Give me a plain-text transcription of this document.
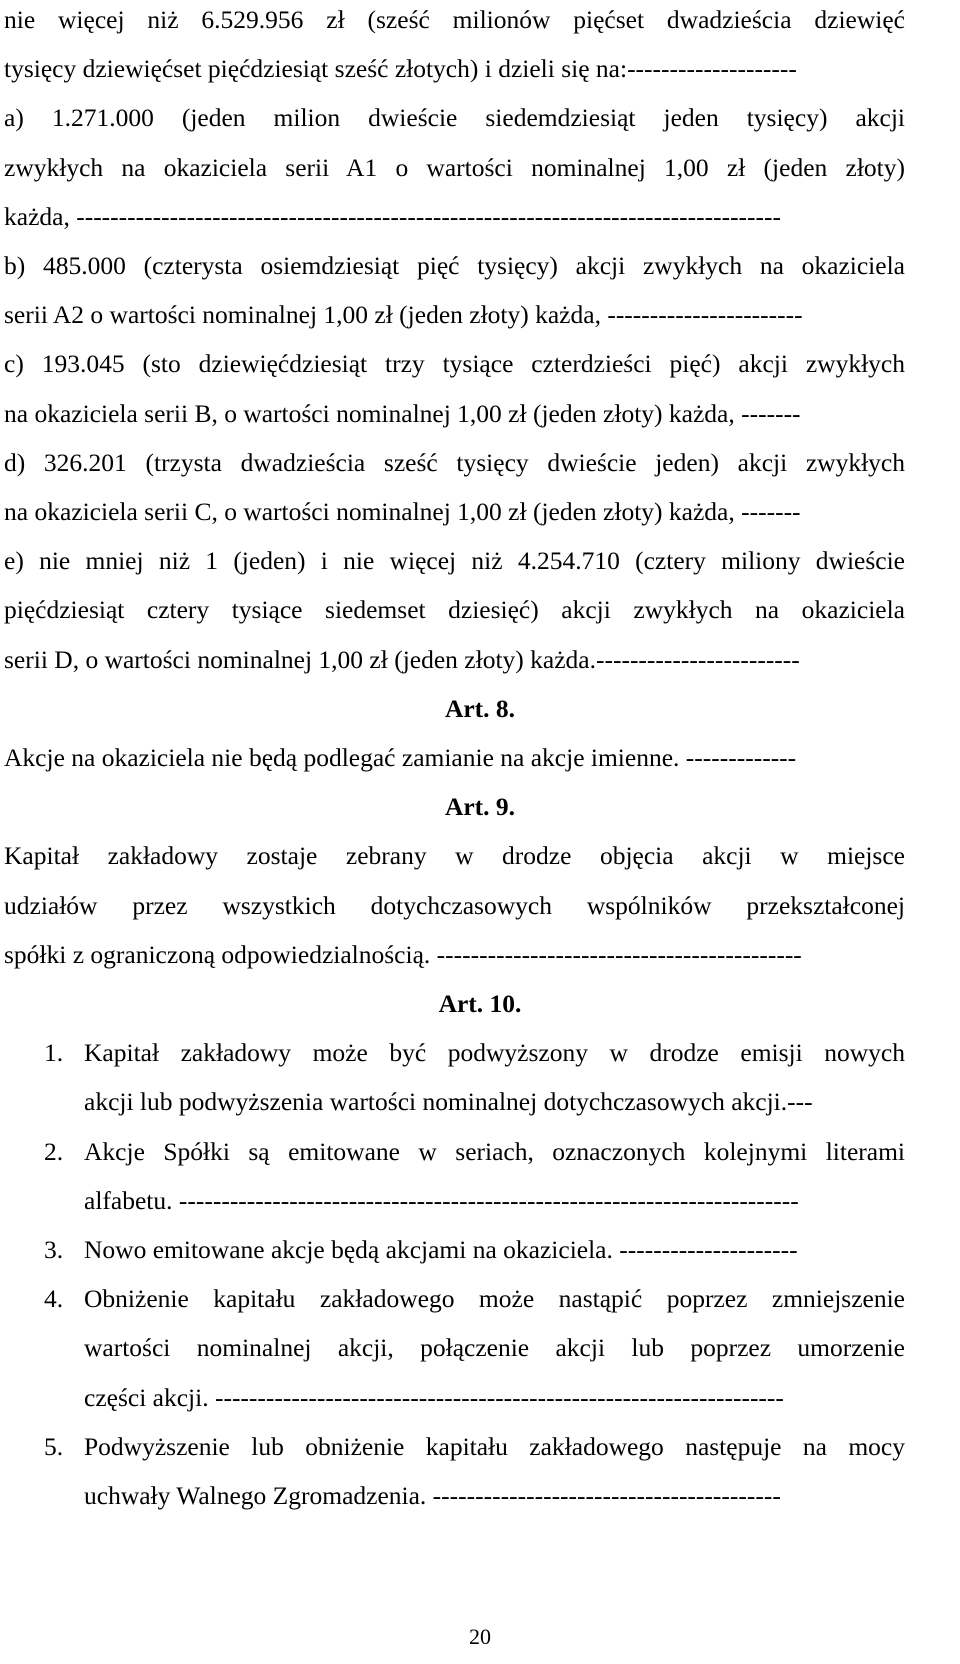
nie więcej niż 6.529.956 zł (sześć milionów pięćset dwadzieścia dziewięć
tysięcy dziewięćset pięćdziesiąt sześć złotych) i dzieli się na:--------------------
a) 1.271.000 (jeden milion dwieście siedemdziesiąt jeden tysięcy) akcji
zwykłych na okaziciela serii A1 o wartości nominalnej 1,00 zł (jeden złoty)
każda, -----------------------------------------------------------------------------------
b) 485.000 (czterysta osiemdziesiąt pięć tysięcy) akcji zwykłych na okaziciela
serii A2 o wartości nominalnej 1,00 zł (jeden złoty) każda, -----------------------
c) 193.045 (sto dziewięćdziesiąt trzy tysiące czterdzieści pięć) akcji zwykłych
na okaziciela serii B, o wartości nominalnej 1,00 zł (jeden złoty) każda, -------
d) 326.201 (trzysta dwadzieścia sześć tysięcy dwieście jeden) akcji zwykłych
na okaziciela serii C, o wartości nominalnej 1,00 zł (jeden złoty) każda, -------
e) nie mniej niż 1 (jeden) i nie więcej niż 4.254.710 (cztery miliony dwieście
pięćdziesiąt cztery tysiące siedemset dziesięć) akcji zwykłych na okaziciela
serii D, o wartości nominalnej 1,00 zł (jeden złoty) każda.------------------------
Art. 8.
Akcje na okaziciela nie będą podlegać zamianie na akcje imienne. -------------
Art. 9.
Kapitał zakładowy zostaje zebrany w drodze objęcia akcji w miejsce
udziałów przez wszystkich dotychczasowych wspólników przekształconej
spółki z ograniczoną odpowiedzialnością. -------------------------------------------
Art. 10.
1. Kapitał zakładowy może być podwyższony w drodze emisji nowych
akcji lub podwyższenia wartości nominalnej dotychczasowych akcji.---
2. Akcje Spółki są emitowane w seriach, oznaczonych kolejnymi literami
alfabetu. -------------------------------------------------------------------------
3. Nowo emitowane akcje będą akcjami na okaziciela. ---------------------
4. Obniżenie kapitału zakładowego może nastąpić poprzez zmniejszenie
wartości nominalnej akcji, połączenie akcji lub poprzez umorzenie
części akcji. -------------------------------------------------------------------
5. Podwyższenie lub obniżenie kapitału zakładowego następuje na mocy
uchwały Walnego Zgromadzenia. -----------------------------------------
20
